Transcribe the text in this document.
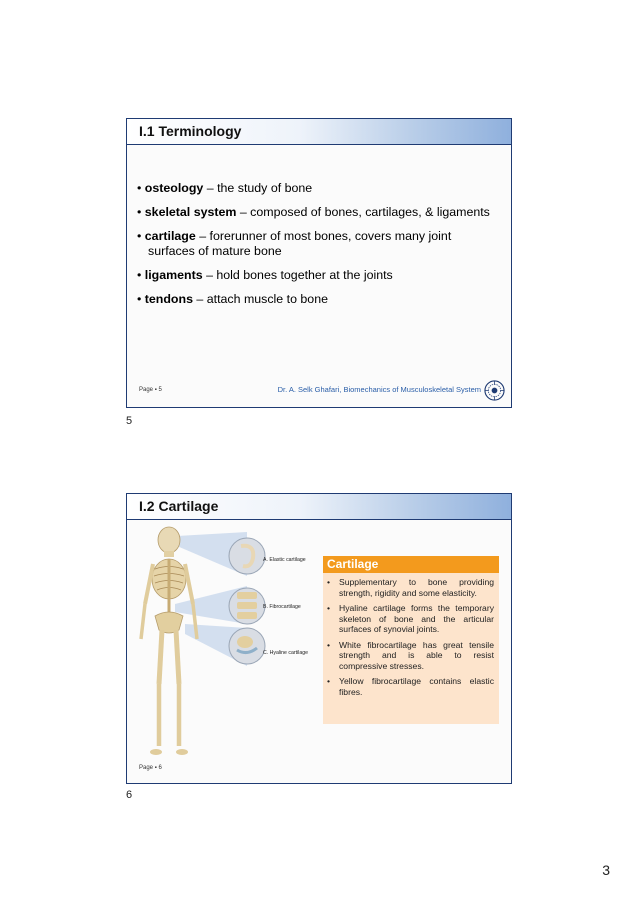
I.1 Terminology
• osteology – the study of bone
• skeletal system – composed of bones, cartilages, & ligaments
• cartilage – forerunner of most bones, covers many joint
surfaces of mature bone
• ligaments – hold bones together at the joints
• tendons – attach muscle to bone
Page ▪ 5	Dr. A. Selk Ghafari, Biomechanics of Musculoskeletal System
5
I.2 Cartilage
A. Elastic cartilage
B. Fibrocartilage
C. Hyaline cartilage
Cartilage
•	Supplementary to bone providing strength, rigidity and some elasticity.
•	Hyaline cartilage forms the temporary skeleton of bone and the articular surfaces of synovial joints.
•	White fibrocartilage has great tensile strength and is able to resist compressive stresses.
•	Yellow fibrocartilage contains elastic fibres.
Page ▪ 6
6
3
